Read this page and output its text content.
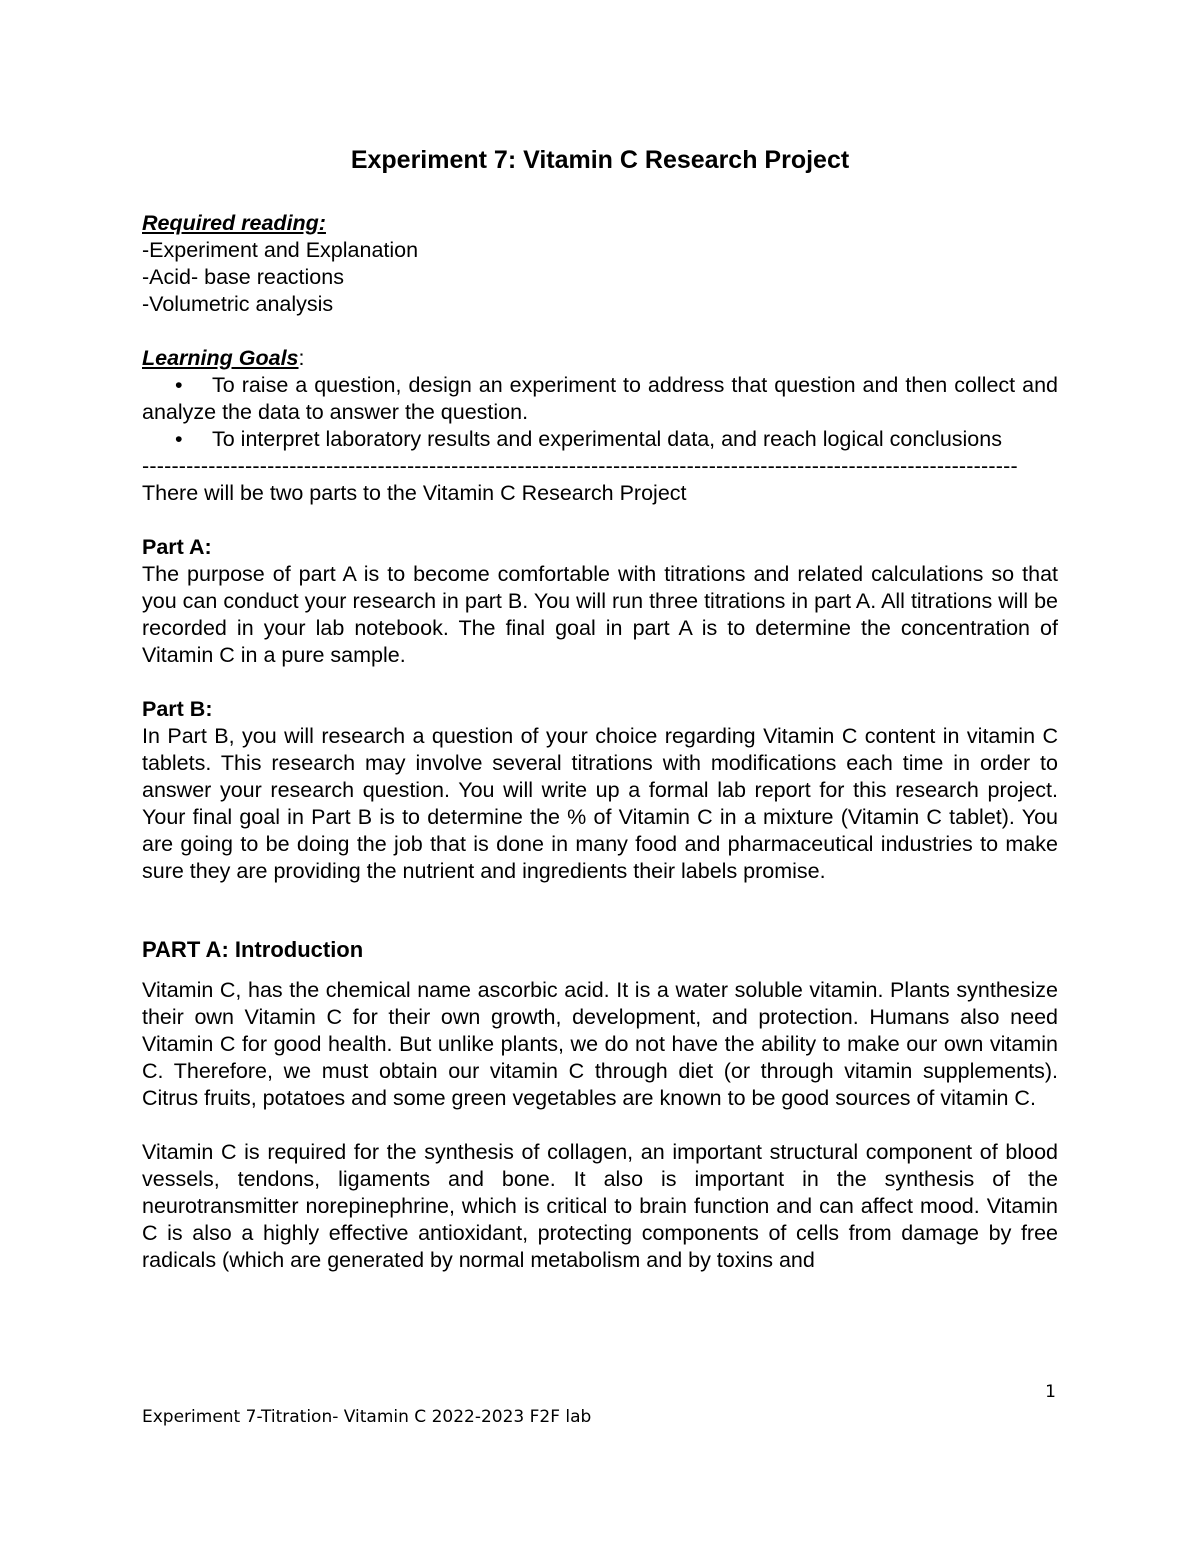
Experiment 7: Vitamin C Research Project
Required reading:
-Experiment and Explanation
-Acid- base reactions
-Volumetric analysis
Learning Goals:
• To raise a question, design an experiment to address that question and then collect and analyze the data to answer the question.
• To interpret laboratory results and experimental data, and reach logical conclusions
-----------------------------------------------------------------------------------------------------------------------
There will be two parts to the Vitamin C Research Project
Part A:
The purpose of part A is to become comfortable with titrations and related calculations so that you can conduct your research in part B. You will run three titrations in part A. All titrations will be recorded in your lab notebook. The final goal in part A is to determine the concentration of Vitamin C in a pure sample.
Part B:
In Part B, you will research a question of your choice regarding Vitamin C content in vitamin C tablets. This research may involve several titrations with modifications each time in order to answer your research question. You will write up a formal lab report for this research project. Your final goal in Part B is to determine the % of Vitamin C in a mixture (Vitamin C tablet). You are going to be doing the job that is done in many food and pharmaceutical industries to make sure they are providing the nutrient and ingredients their labels promise.
PART A: Introduction
Vitamin C, has the chemical name ascorbic acid. It is a water soluble vitamin. Plants synthesize their own Vitamin C for their own growth, development, and protection. Humans also need Vitamin C for good health. But unlike plants, we do not have the ability to make our own vitamin C. Therefore, we must obtain our vitamin C through diet (or through vitamin supplements). Citrus fruits, potatoes and some green vegetables are known to be good sources of vitamin C.
Vitamin C is required for the synthesis of collagen, an important structural component of blood vessels, tendons, ligaments and bone. It also is important in the synthesis of the neurotransmitter norepinephrine, which is critical to brain function and can affect mood. Vitamin C is also a highly effective antioxidant, protecting components of cells from damage by free radicals (which are generated by normal metabolism and by toxins and
1
Experiment 7-Titration- Vitamin C 2022-2023 F2F lab
